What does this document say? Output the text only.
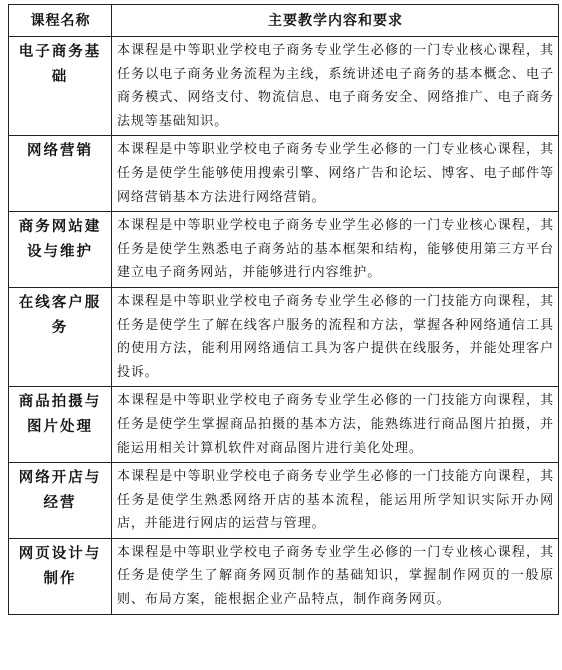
课程名称	主要教学内容和要求
电子商务基础	本课程是中等职业学校电子商务专业学生必修的一门专业核心课程，其任务以电子商务业务流程为主线，系统讲述电子商务的基本概念、电子商务模式、网络支付、物流信息、电子商务安全、网络推广、电子商务法规等基础知识。
网络营销	本课程是中等职业学校电子商务专业学生必修的一门专业核心课程，其任务是使学生能够使用搜索引擎、网络广告和论坛、博客、电子邮件等网络营销基本方法进行网络营销。
商务网站建设与维护	本课程是中等职业学校电子商务专业学生必修的一门专业核心课程，其任务是使学生熟悉电子商务站的基本框架和结构，能够使用第三方平台建立电子商务网站，并能够进行内容维护。
在线客户服务	本课程是中等职业学校电子商务专业学生必修的一门技能方向课程，其任务是使学生了解在线客户服务的流程和方法，掌握各种网络通信工具的使用方法，能利用网络通信工具为客户提供在线服务，并能处理客户投诉。
商品拍摄与图片处理	本课程是中等职业学校电子商务专业学生必修的一门技能方向课程，其任务是使学生掌握商品拍摄的基本方法，能熟练进行商品图片拍摄，并能运用相关计算机软件对商品图片进行美化处理。
网络开店与经营	本课程是中等职业学校电子商务专业学生必修的一门技能方向课程，其任务是使学生熟悉网络开店的基本流程，能运用所学知识实际开办网店，并能进行网店的运营与管理。
网页设计与制作	本课程是中等职业学校电子商务专业学生必修的一门专业核心课程，其任务是使学生了解商务网页制作的基础知识，掌握制作网页的一般原则、布局方案，能根据企业产品特点，制作商务网页。
